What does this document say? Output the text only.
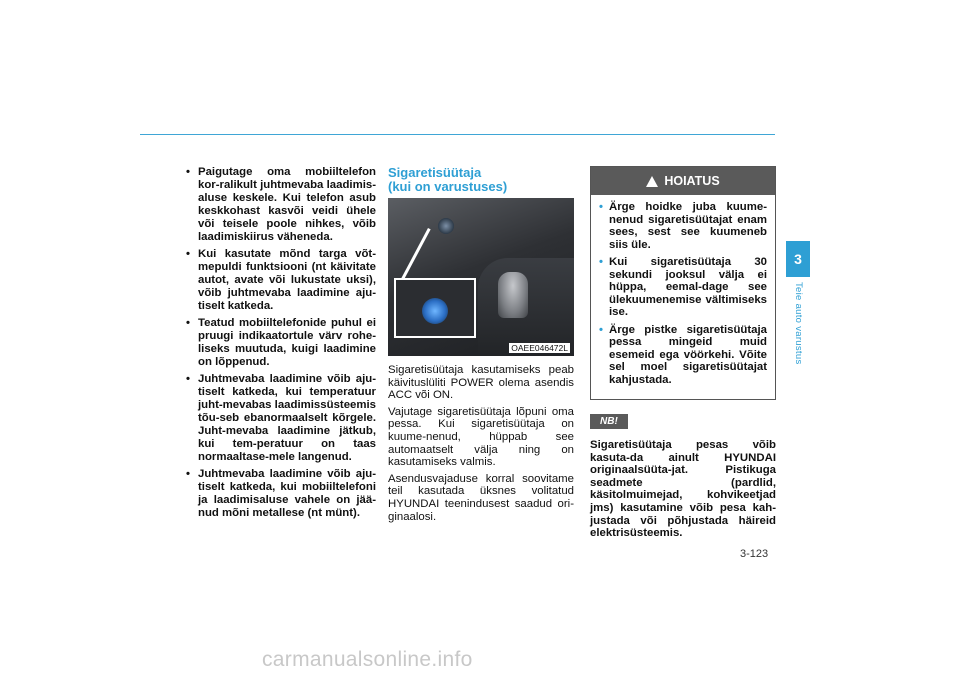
• Paigutage oma mobiiltelefon kor-ralikult juhtmevaba laadimis-aluse keskele. Kui telefon asub keskkohast kasvõi veidi ühele või teisele poole nihkes, võib laadimiskiirus väheneda.
• Kui kasutate mõnd targa võt-mepuldi funktsiooni (nt käivitate autot, avate või lukustate uksi), võib juhtmevaba laadimine aju-tiselt katkeda.
• Teatud mobiiltelefonide puhul ei pruugi indikaatortule värv rohe-liseks muutuda, kuigi laadimine on lõppenud.
• Juhtmevaba laadimine võib aju-tiselt katkeda, kui temperatuur juht-mevabas laadimissüsteemis tõu-seb ebanormaalselt kõrgele. Juht-mevaba laadimine jätkub, kui tem-peratuur on taas normaaltase-mele langenud.
• Juhtmevaba laadimine võib aju-tiselt katkeda, kui mobiiltelefoni ja laadimisaluse vahele on jää-nud mõni metallese (nt münt).
Sigaretisüütaja
(kui on varustuses)
OAEE046472L

Sigaretisüütaja kasutamiseks peab käivituslüliti POWER olema asendis ACC või ON.

Vajutage sigaretisüütaja lõpuni oma pessa. Kui sigaretisüütaja on kuume-nenud, hüppab see automaatselt välja ning on kasutamiseks valmis.

Asendusvajaduse korral soovitame teil kasutada üksnes volitatud HYUNDAI teenindusest saadud ori-ginaalosi.

HOIATUS
• Ärge hoidke juba kuume-nenud sigaretisüütajat enam sees, sest see kuumeneb siis üle.
• Kui sigaretisüütaja 30 sekundi jooksul välja ei hüppa, eemal-dage see ülekuumenemise vältimiseks ise.
• Ärge pistke sigaretisüütaja pessa mingeid muid esemeid ega vöörkehi. Võite sel moel sigaretisüütajat kahjustada.
NB!

Sigaretisüütaja pesas võib kasuta-da ainult HYUNDAI originaalsüüta-jat. Pistikuga seadmete (pardlid, käsitolmuimejad, kohvikeetjad jms) kasutamine võib pesa kah-justada või põhjustada häireid elektrisüsteemis.

3
Teie auto varustus
3-123
carmanualsonline.info
